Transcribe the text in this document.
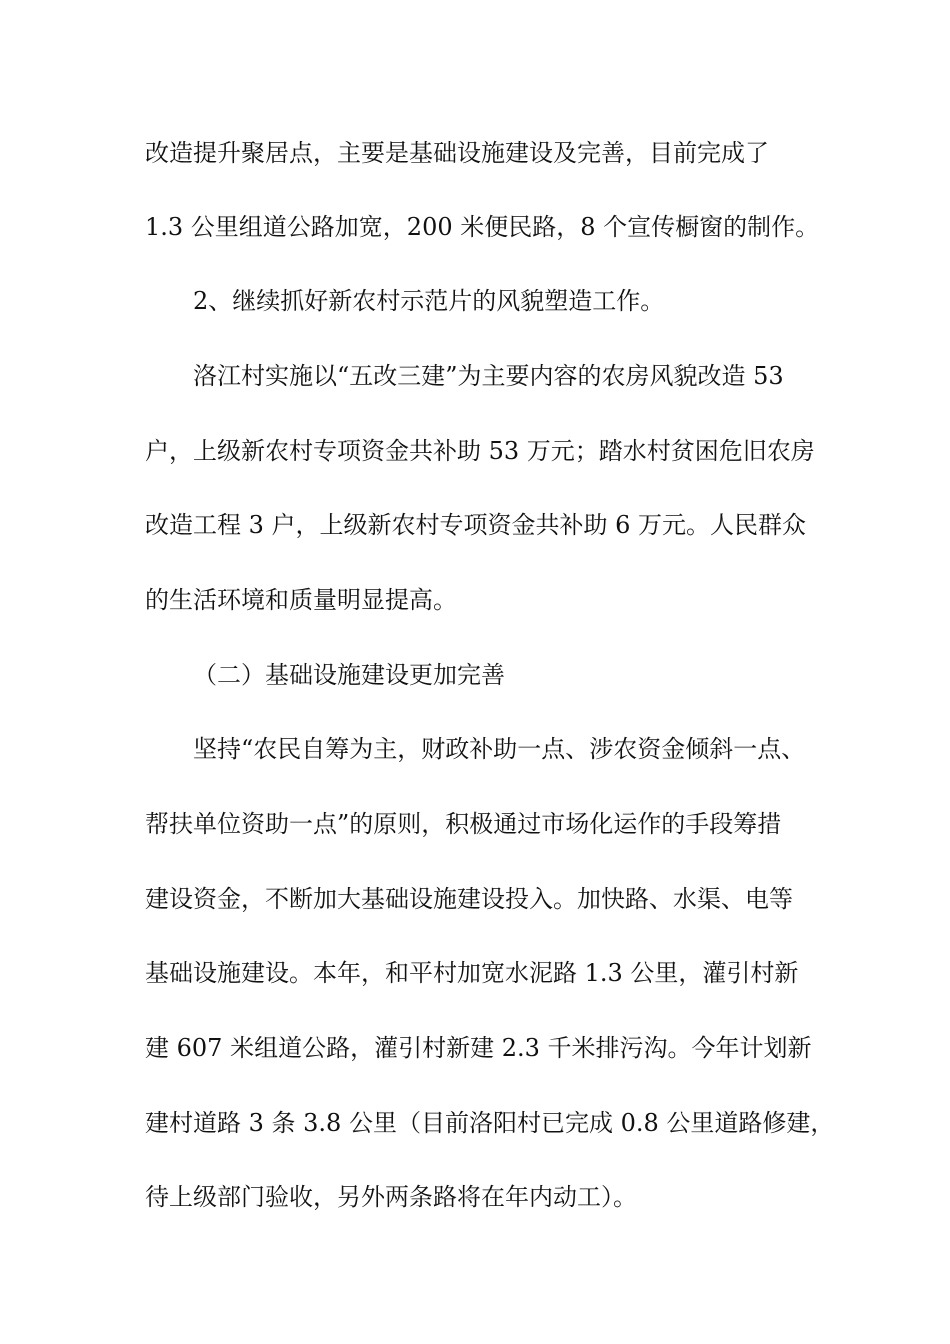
改造提升聚居点，主要是基础设施建设及完善，目前完成了
1.3 公里组道公路加宽，200 米便民路，8 个宣传橱窗的制作。
2、继续抓好新农村示范片的风貌塑造工作。
洛江村实施以“五改三建”为主要内容的农房风貌改造 53
户，上级新农村专项资金共补助 53 万元；踏水村贫困危旧农房
改造工程 3 户，上级新农村专项资金共补助 6 万元。人民群众
的生活环境和质量明显提高。
（二）基础设施建设更加完善
坚持“农民自筹为主，财政补助一点、涉农资金倾斜一点、
帮扶单位资助一点”的原则，积极通过市场化运作的手段筹措
建设资金，不断加大基础设施建设投入。加快路、水渠、电等
基础设施建设。本年，和平村加宽水泥路 1.3 公里，灌引村新
建 607 米组道公路，灌引村新建 2.3 千米排污沟。今年计划新
建村道路 3 条 3.8 公里（目前洛阳村已完成 0.8 公里道路修建，
待上级部门验收，另外两条路将在年内动工）。
